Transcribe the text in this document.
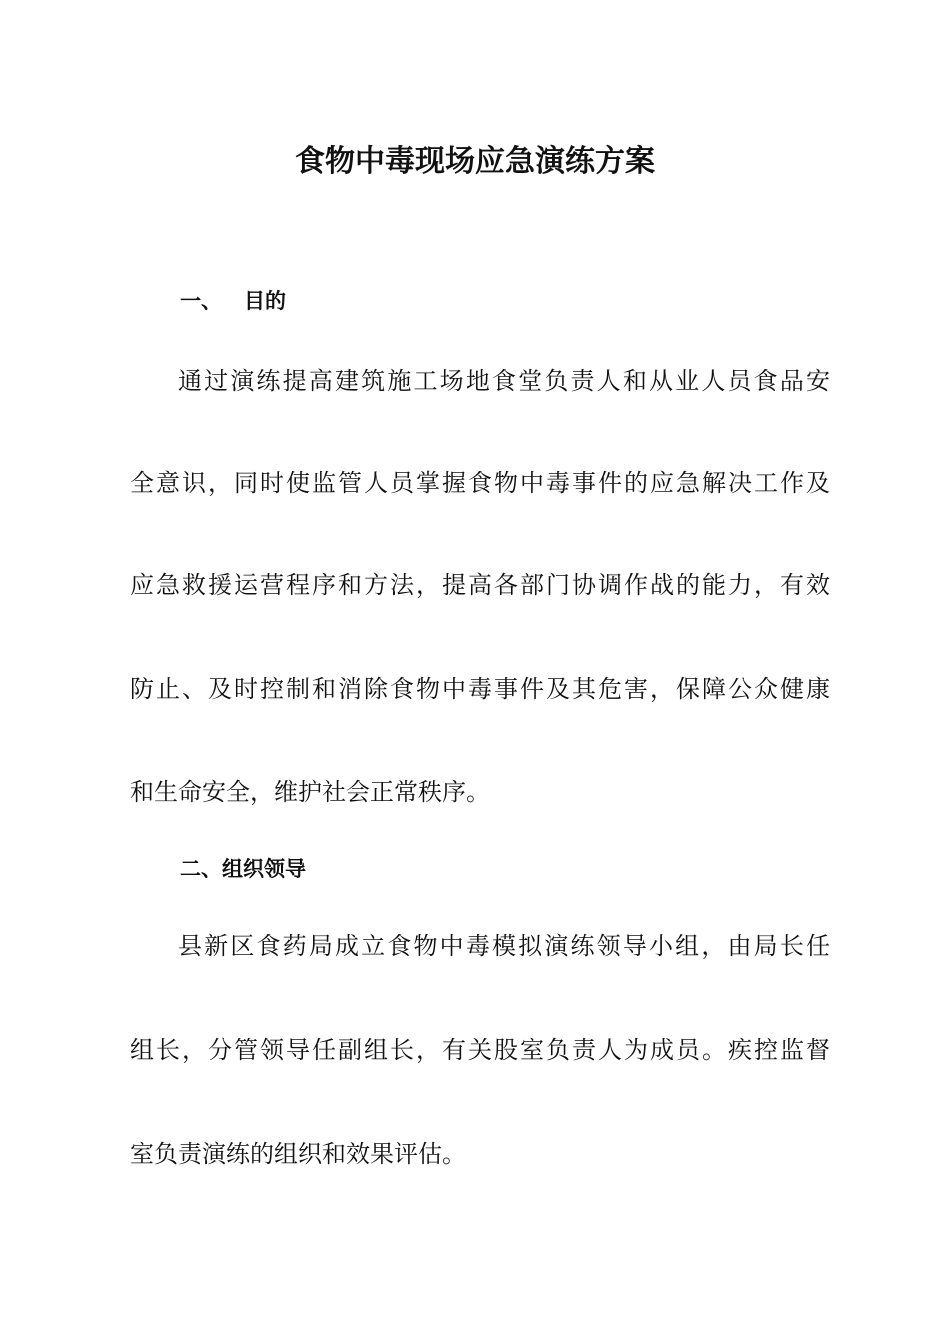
食物中毒现场应急演练方案
一、 目的

通过演练提高建筑施工场地食堂负责人和从业人员食品安

全意识，同时使监管人员掌握食物中毒事件的应急解决工作及

应急救援运营程序和方法，提高各部门协调作战的能力，有效

防止、及时控制和消除食物中毒事件及其危害，保障公众健康

和生命安全，维护社会正常秩序。

二、组织领导

县新区食药局成立食物中毒模拟演练领导小组，由局长任

组长，分管领导任副组长，有关股室负责人为成员。疾控监督

室负责演练的组织和效果评估。
